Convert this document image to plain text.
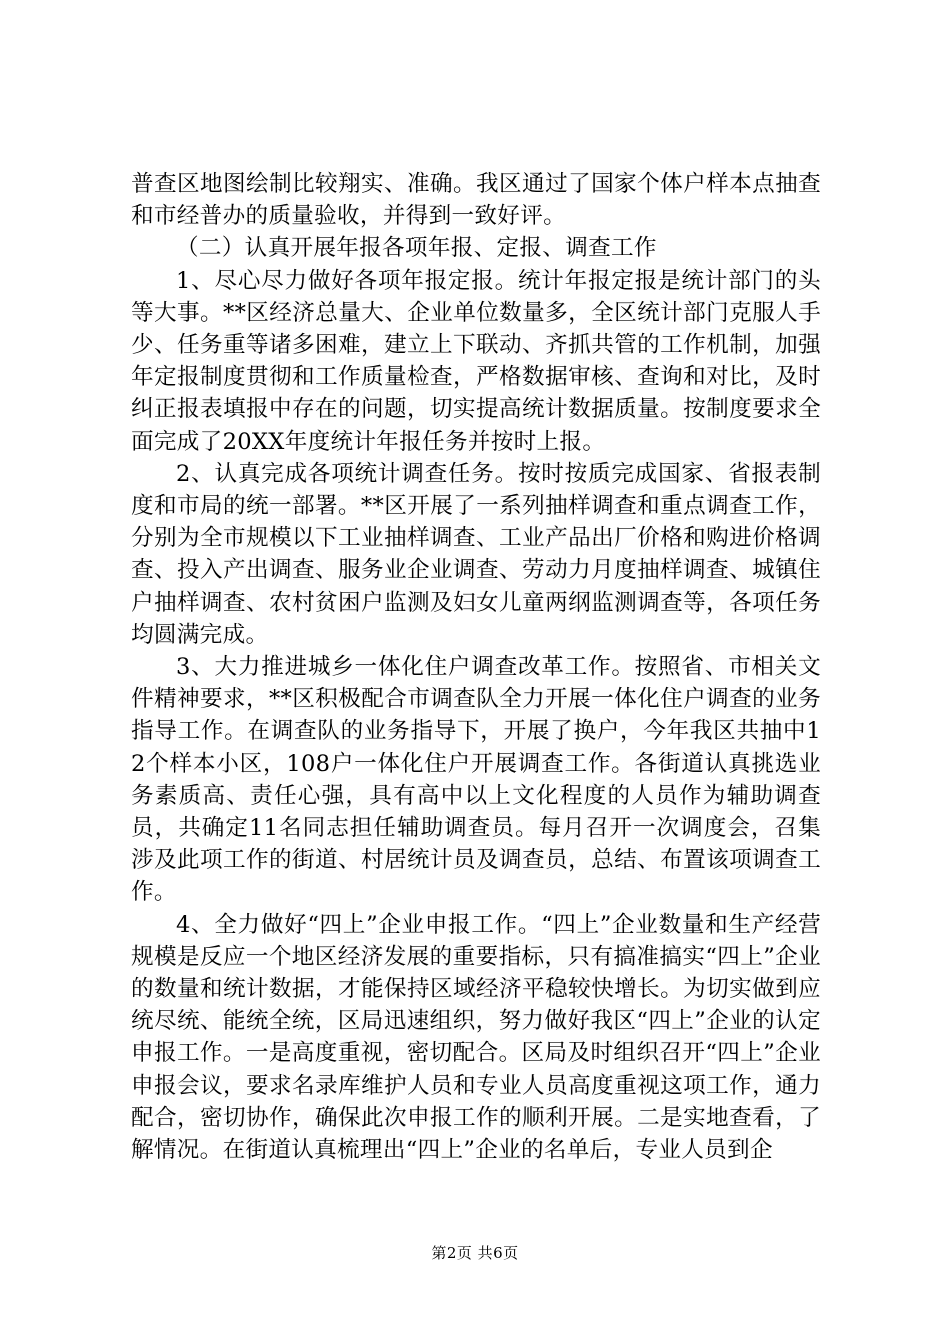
普查区地图绘制比较翔实、准确。我区通过了国家个体户样本点抽查和市经普办的质量验收，并得到一致好评。

（二）认真开展年报各项年报、定报、调查工作

1、尽心尽力做好各项年报定报。统计年报定报是统计部门的头等大事。**区经济总量大、企业单位数量多，全区统计部门克服人手少、任务重等诸多困难，建立上下联动、齐抓共管的工作机制，加强年定报制度贯彻和工作质量检查，严格数据审核、查询和对比，及时纠正报表填报中存在的问题，切实提高统计数据质量。按制度要求全面完成了20XX年度统计年报任务并按时上报。

2、认真完成各项统计调查任务。按时按质完成国家、省报表制度和市局的统一部署。**区开展了一系列抽样调查和重点调查工作，分别为全市规模以下工业抽样调查、工业产品出厂价格和购进价格调查、投入产出调查、服务业企业调查、劳动力月度抽样调查、城镇住户抽样调查、农村贫困户监测及妇女儿童两纲监测调查等，各项任务均圆满完成。

3、大力推进城乡一体化住户调查改革工作。按照省、市相关文件精神要求，**区积极配合市调查队全力开展一体化住户调查的业务指导工作。在调查队的业务指导下，开展了换户，今年我区共抽中12个样本小区，108户一体化住户开展调查工作。各街道认真挑选业务素质高、责任心强，具有高中以上文化程度的人员作为辅助调查员，共确定11名同志担任辅助调查员。每月召开一次调度会，召集涉及此项工作的街道、村居统计员及调查员，总结、布置该项调查工作。

4、全力做好“四上”企业申报工作。“四上”企业数量和生产经营规模是反应一个地区经济发展的重要指标，只有搞准搞实“四上”企业的数量和统计数据，才能保持区域经济平稳较快增长。为切实做到应统尽统、能统全统，区局迅速组织，努力做好我区“四上”企业的认定申报工作。一是高度重视，密切配合。区局及时组织召开“四上”企业申报会议，要求名录库维护人员和专业人员高度重视这项工作，通力配合，密切协作，确保此次申报工作的顺利开展。二是实地查看，了解情况。在街道认真梳理出“四上”企业的名单后，专业人员到企

第2页 共6页
